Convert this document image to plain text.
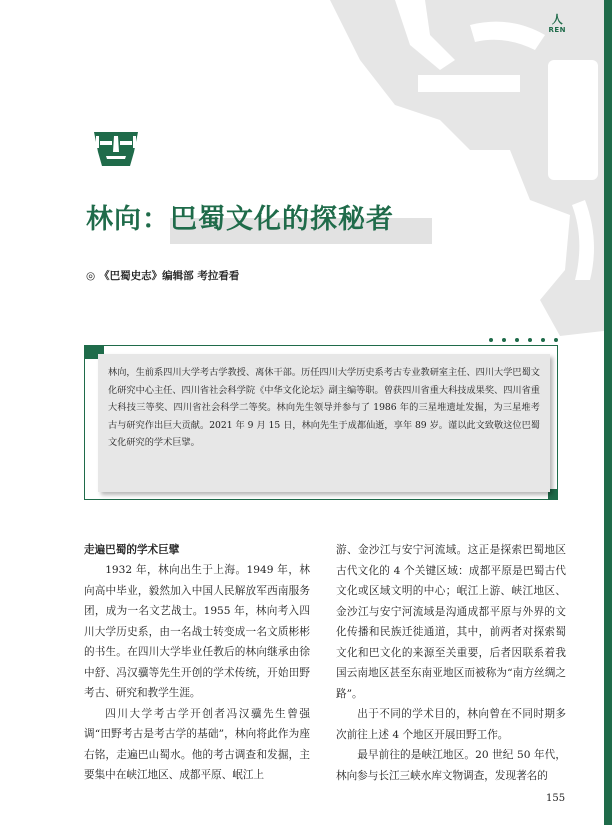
人
REN
林向：巴蜀文化的探秘者
◎ 《巴蜀史志》编辑部 考拉看看
林向，生前系四川大学考古学教授、离休干部。历任四川大学历史系考古专业教研室主任、四川大学巴蜀文化研究中心主任、四川省社会科学院《中华文化论坛》副主编等职。曾获四川省重大科技成果奖、四川省重大科技三等奖、四川省社会科学二等奖。林向先生领导并参与了 1986 年的三星堆遗址发掘，为三星堆考古与研究作出巨大贡献。2021 年 9 月 15 日，林向先生于成都仙逝，享年 89 岁。谨以此文致敬这位巴蜀文化研究的学术巨擘。
走遍巴蜀的学术巨擘

1932 年，林向出生于上海。1949 年，林向高中毕业，毅然加入中国人民解放军西南服务团，成为一名文艺战士。1955 年，林向考入四川大学历史系，由一名战士转变成一名文质彬彬的书生。在四川大学毕业任教后的林向继承由徐中舒、冯汉骥等先生开创的学术传统，开始田野考古、研究和教学生涯。

四川大学考古学开创者冯汉骥先生曾强调“田野考古是考古学的基础”，林向将此作为座右铭，走遍巴山蜀水。他的考古调查和发掘，主要集中在峡江地区、成都平原、岷江上

游、金沙江与安宁河流域。这正是探索巴蜀地区古代文化的 4 个关键区域：成都平原是巴蜀古代文化或区域文明的中心；岷江上游、峡江地区、金沙江与安宁河流域是沟通成都平原与外界的文化传播和民族迁徙通道，其中，前两者对探索蜀文化和巴文化的来源至关重要，后者因联系着我国云南地区甚至东南亚地区而被称为“南方丝绸之路”。

出于不同的学术目的，林向曾在不同时期多次前往上述 4 个地区开展田野工作。

最早前往的是峡江地区。20 世纪 50 年代，林向参与长江三峡水库文物调查，发现著名的

155
